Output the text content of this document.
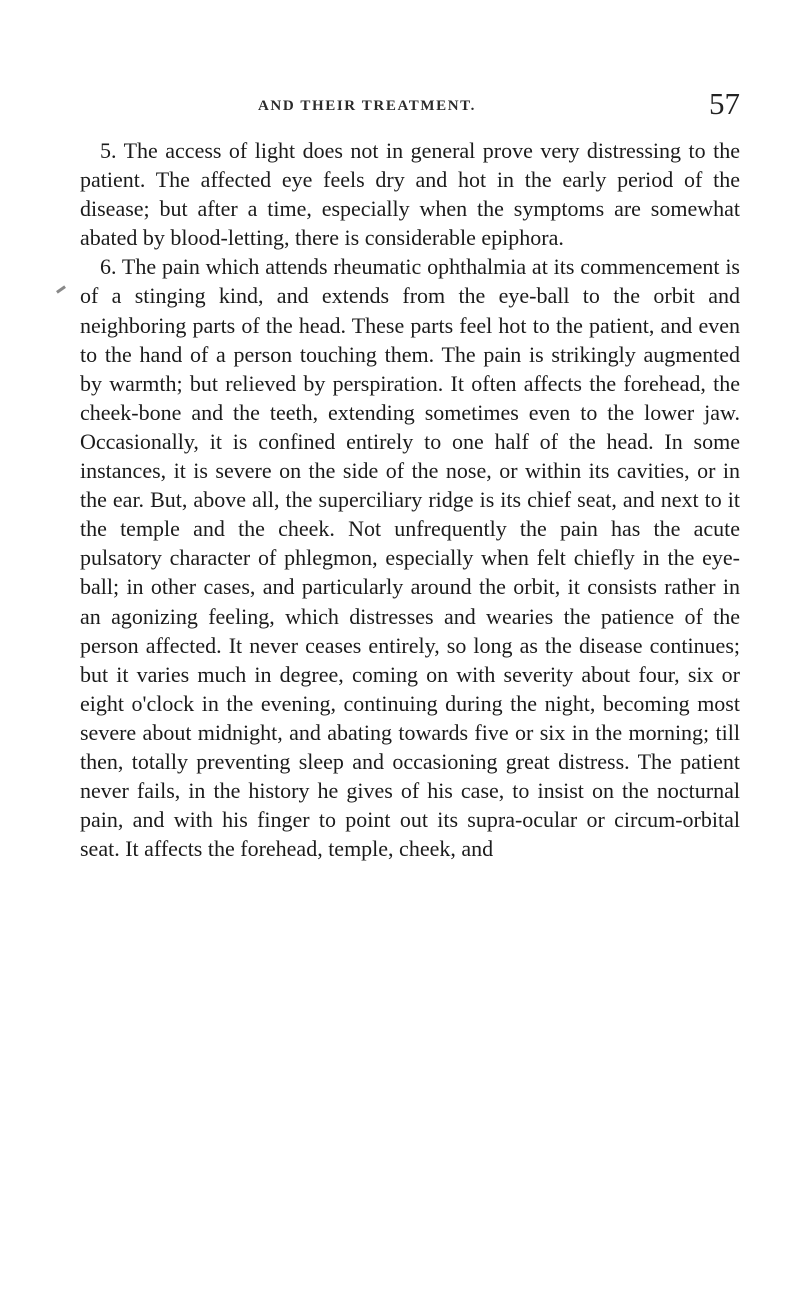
AND THEIR TREATMENT.	57

5. The access of light does not in general prove very distressing to the patient. The affected eye feels dry and hot in the early period of the disease; but after a time, especially when the symptoms are somewhat abated by blood-letting, there is considerable epiphora.

6. The pain which attends rheumatic ophthalmia at its commencement is of a stinging kind, and extends from the eye-ball to the orbit and neighboring parts of the head. These parts feel hot to the patient, and even to the hand of a person touching them. The pain is strikingly augmented by warmth; but relieved by perspiration. It often affects the forehead, the cheek-bone and the teeth, extending sometimes even to the lower jaw. Occasionally, it is confined entirely to one half of the head. In some instances, it is severe on the side of the nose, or within its cavities, or in the ear. But, above all, the superciliary ridge is its chief seat, and next to it the temple and the cheek. Not unfrequently the pain has the acute pulsatory character of phlegmon, especially when felt chiefly in the eye-ball; in other cases, and particularly around the orbit, it consists rather in an agonizing feeling, which distresses and wearies the patience of the person affected. It never ceases entirely, so long as the disease continues; but it varies much in degree, coming on with severity about four, six or eight o'clock in the evening, continuing during the night, becoming most severe about midnight, and abating towards five or six in the morning; till then, totally preventing sleep and occasioning great distress. The patient never fails, in the history he gives of his case, to insist on the nocturnal pain, and with his finger to point out its supra-ocular or circum-orbital seat. It affects the forehead, temple, cheek, and
